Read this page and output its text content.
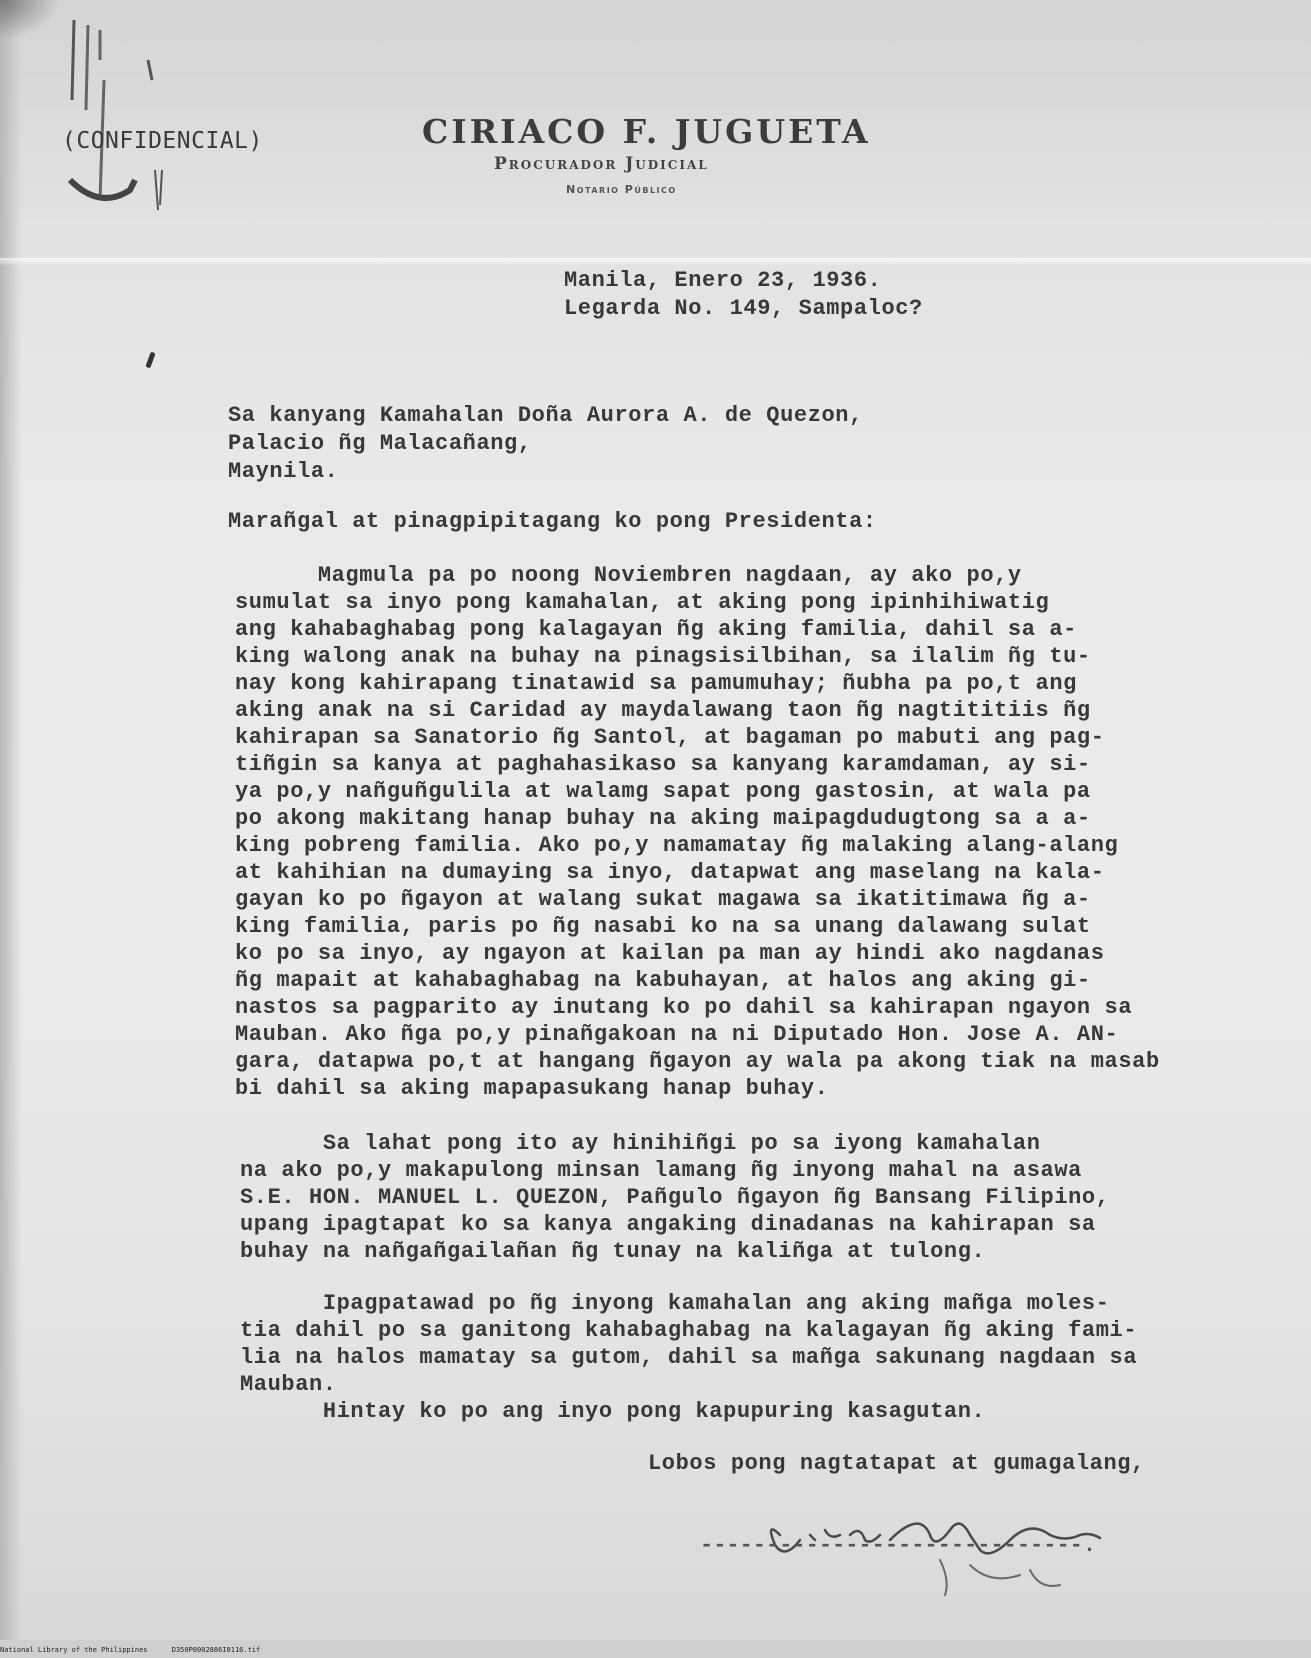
(CONFIDENCIAL)	CIRIACO F. JUGUETA
Procurador Judicial
Notario Público
Manila, Enero 23, 1936.
Legarda No. 149, Sampaloc?
Sa kanyang Kamahalan Doña Aurora A. de Quezon,
Palacio ñg Malacañang,
Maynila.
Marañgal at pinagpipitagang ko pong Presidenta:
Magmula pa po noong Noviembren nagdaan, ay ako po,y
sumulat sa inyo pong kamahalan, at aking pong ipinhihiwatig
ang kahabaghabag pong kalagayan ñg aking familia, dahil sa a-
king walong anak na buhay na pinagsisilbihan, sa ilalim ñg tu-
nay kong kahirapang tinatawid sa pamumuhay; ñubha pa po,t ang
aking anak na si Caridad ay maydalawang taon ñg nagtititiis ñg
kahirapan sa Sanatorio ñg Santol, at bagaman po mabuti ang pag-
tiñgin sa kanya at paghahasikaso sa kanyang karamdaman, ay si-
ya po,y nañguñgulila at walamg sapat pong gastosin, at wala pa
po akong makitang hanap buhay na aking maipagdudugtong sa a a-
king pobreng familia. Ako po,y namamatay ñg malaking alang-alang
at kahihian na dumaying sa inyo, datapwat ang maselang na kala-
gayan ko po ñgayon at walang sukat magawa sa ikatitimawa ñg a-
king familia, paris po ñg nasabi ko na sa unang dalawang sulat
ko po sa inyo, ay ngayon at kailan pa man ay hindi ako nagdanas
ñg mapait at kahabaghabag na kabuhayan, at halos ang aking gi-
nastos sa pagparito ay inutang ko po dahil sa kahirapan ngayon sa
Mauban. Ako ñga po,y pinañgakoan na ni Diputado Hon. Jose A. AN-
gara, datapwa po,t at hangang ñgayon ay wala pa akong tiak na masab
bi dahil sa aking mapapasukang hanap buhay.
Sa lahat pong ito ay hinihiñgi po sa iyong kamahalan
na ako po,y makapulong minsan lamang ñg inyong mahal na asawa
S.E. HON. MANUEL L. QUEZON, Pañgulo ñgayon ñg Bansang Filipino,
upang ipagtapat ko sa kanya angaking dinadanas na kahirapan sa
buhay na nañgañgailañan ñg tunay na kaliñga at tulong.
Ipagpatawad po ñg inyong kamahalan ang aking mañga moles-
tia dahil po sa ganitong kahabaghabag na kalagayan ñg aking fami-
lia na halos mamatay sa gutom, dahil sa mañga sakunang nagdaan sa
Mauban.
Hintay ko po ang inyo pong kapupuring kasagutan.
Lobos pong nagtatapat at gumagalang,
-----------------------------.
National Library of the Philippines	D350P0002886I0116.tif
